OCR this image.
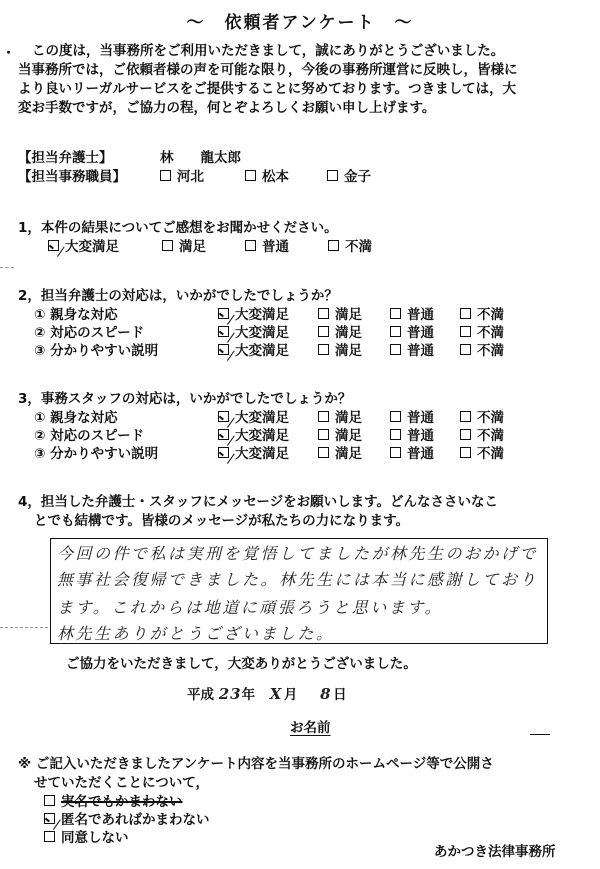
～　依頼者アンケート　～
・	この度は，当事務所をご利用いただきまして，誠にありがとうございました。
当事務所では，ご依頼者様の声を可能な限り，今後の事務所運営に反映し，皆様に
より良いリーガルサービスをご提供することに努めております。つきましては，大
変お手数ですが，ご協力の程，何とぞよろしくお願い申し上げます。
【担当弁護士】	林　　龍太郎
【担当事務職員】	河北	松本	金子
1，本件の結果についてご感想をお聞かせください。
大変満足	満足	普通	不満
2，担当弁護士の対応は，いかがでしたでしょうか？
① 親身な対応	大変満足	満足	普通	不満
② 対応のスピード	大変満足	満足	普通	不満
③ 分かりやすい説明	大変満足	満足	普通	不満
3，事務スタッフの対応は，いかがでしたでしょうか？
① 親身な対応	大変満足	満足	普通	不満
② 対応のスピード	大変満足	満足	普通	不満
③ 分かりやすい説明	大変満足	満足	普通	不満
4，担当した弁護士・スタッフにメッセージをお願いします。どんなささいなこ
とでも結構です。皆様のメッセージが私たちの力になります。
今回の件で私は実刑を覚悟してましたが林先生のおかげで
無事社会復帰できました。林先生には本当に感謝しており
ます。これからは地道に頑張ろうと思います。
林先生ありがとうございました。
ご協力をいただきまして，大変ありがとうございました。
平成 23年 X月 8日
お名前
※ ご記入いただきましたアンケート内容を当事務所のホームページ等で公開さ
せていただくことについて，
実名でもかまわない
匿名であればかまわない
同意しない
あかつき法律事務所
